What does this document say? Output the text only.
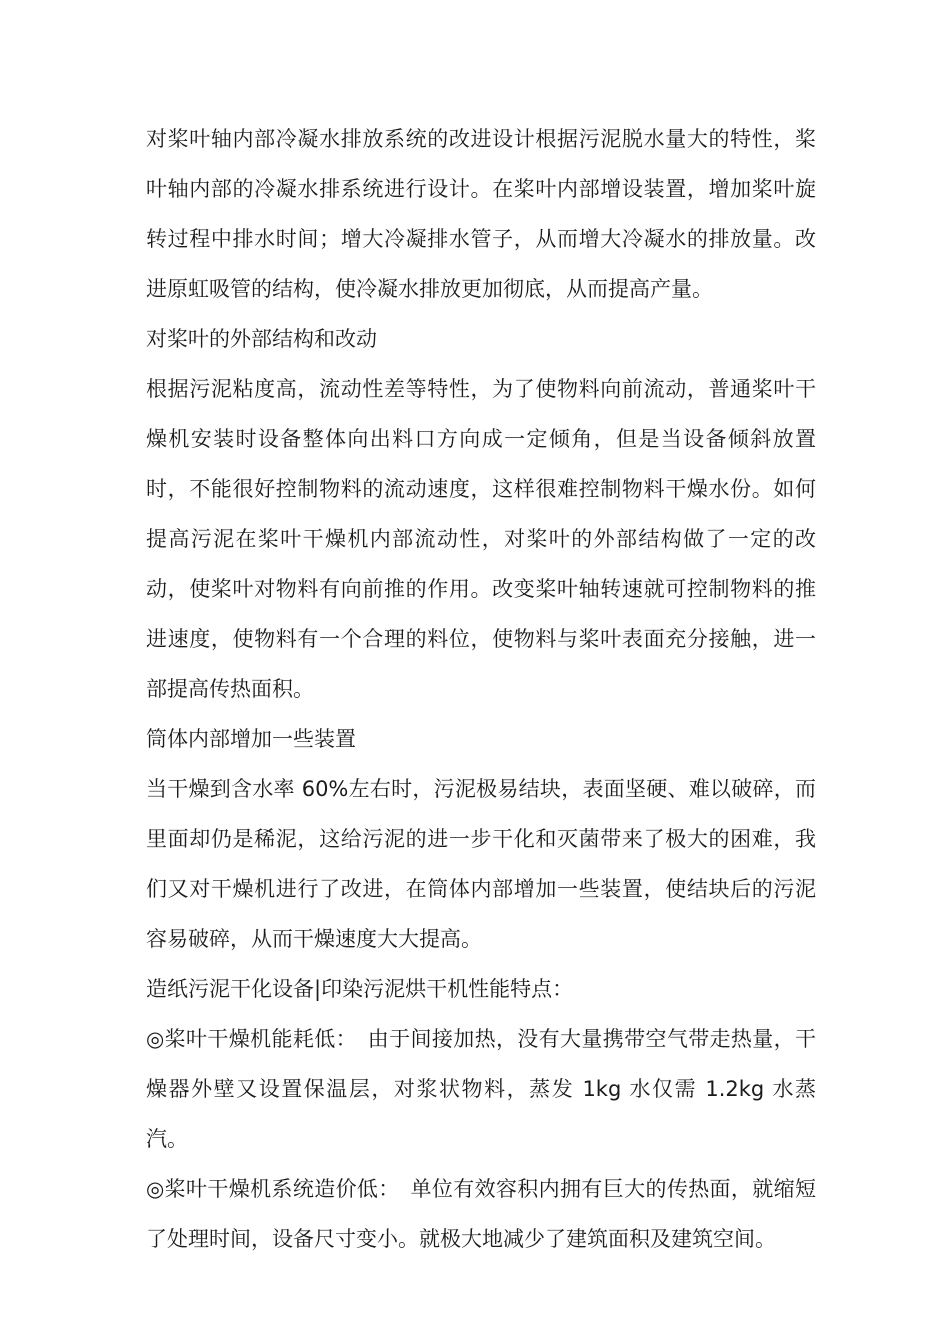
对桨叶轴内部冷凝水排放系统的改进设计根据污泥脱水量大的特性，桨叶轴内部的冷凝水排系统进行设计。在桨叶内部增设装置，增加桨叶旋转过程中排水时间；增大冷凝排水管子，从而增大冷凝水的排放量。改进原虹吸管的结构，使冷凝水排放更加彻底，从而提高产量。

对桨叶的外部结构和改动

根据污泥粘度高，流动性差等特性，为了使物料向前流动，普通桨叶干燥机安装时设备整体向出料口方向成一定倾角，但是当设备倾斜放置时，不能很好控制物料的流动速度，这样很难控制物料干燥水份。如何提高污泥在桨叶干燥机内部流动性，对桨叶的外部结构做了一定的改动，使桨叶对物料有向前推的作用。改变桨叶轴转速就可控制物料的推进速度，使物料有一个合理的料位，使物料与桨叶表面充分接触，进一部提高传热面积。

筒体内部增加一些装置

当干燥到含水率 60%左右时，污泥极易结块，表面坚硬、难以破碎，而里面却仍是稀泥，这给污泥的进一步干化和灭菌带来了极大的困难，我们又对干燥机进行了改进，在筒体内部增加一些装置，使结块后的污泥容易破碎，从而干燥速度大大提高。

造纸污泥干化设备|印染污泥烘干机性能特点：

◎桨叶干燥机能耗低：　由于间接加热，没有大量携带空气带走热量，干燥器外壁又设置保温层，对浆状物料，蒸发 1kg 水仅需 1.2kg 水蒸汽。

◎桨叶干燥机系统造价低：　单位有效容积内拥有巨大的传热面，就缩短了处理时间，设备尺寸变小。就极大地减少了建筑面积及建筑空间。
